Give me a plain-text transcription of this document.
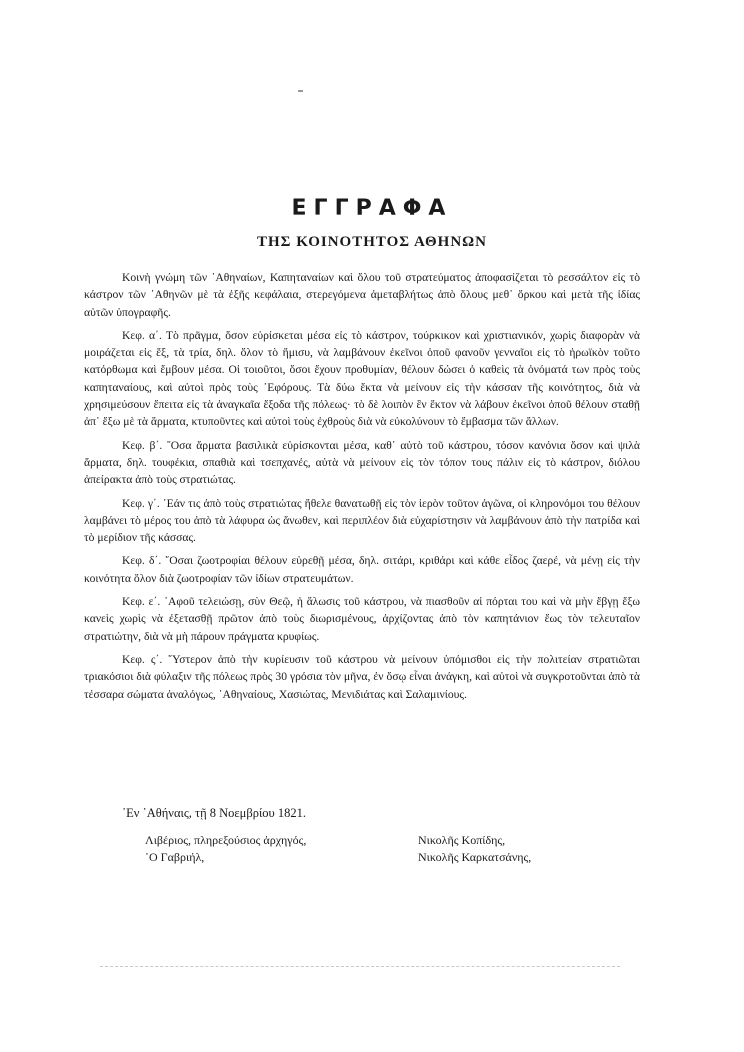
ΕΓΓΡΑΦΑ
ΤΗΣ ΚΟΙΝΟΤΗΤΟΣ ΑΘΗΝΩΝ

Κοινὴ γνώμη τῶν ᾿Αθηναίων, Καπηταναίων καὶ ὅλου τοῦ στρατεύματος ἀποφασίζεται τὸ ρεσσάλτον εἰς τὸ κάστρον τῶν ᾿Αθηνῶν μὲ τὰ ἑξῆς κεφάλαια, στερεγόμενα ἀμεταβλήτως ἀπὸ ὅλους μεθ᾿ ὅρκου καὶ μετὰ τῆς ἰδίας αὐτῶν ὑπογραφῆς.

Κεφ. α΄. Τὸ πρᾶγμα, ὅσον εὑρίσκεται μέσα εἰς τὸ κάστρον, τούρκικον καὶ χριστιανικόν, χωρὶς διαφορὰν νὰ μοιράζεται εἰς ἕξ, τὰ τρία, δηλ. ὅλον τὸ ἥμισυ, νὰ λαμβάνουν ἐκεῖνοι ὁποῦ φανοῦν γενναῖοι εἰς τὸ ἡρωϊκὸν τοῦτο κατόρθωμα καὶ ἔμβουν μέσα. Οἱ τοιοῦτοι, ὅσοι ἔχουν προθυμίαν, θέλουν δώσει ὁ καθεὶς τὰ ὀνόματά των πρὸς τοὺς καπηταναίους, καὶ αὐτοὶ πρὸς τοὺς ᾿Εφόρους. Τὰ δύω ἕκτα νὰ μείνουν εἰς τὴν κάσσαν τῆς κοινότητος, διὰ νὰ χρησιμεύσουν ἔπειτα εἰς τὰ ἀναγκαῖα ἔξοδα τῆς πόλεως· τὸ δὲ λοιπὸν ἓν ἕκτον νὰ λάβουν ἐκεῖνοι ὁποῦ θέλουν σταθῇ ἀπ᾿ ἔξω μὲ τὰ ἅρματα, κτυποῦντες καὶ αὐτοὶ τοὺς ἐχθροὺς διὰ νὰ εὐκολύνουν τὸ ἔμβασμα τῶν ἄλλων.

Κεφ. β΄. ῞Οσα ἅρματα βασιλικὰ εὑρίσκονται μέσα, καθ᾿ αὐτὸ τοῦ κάστρου, τόσον κανόνια ὅσον καὶ ψιλὰ ἅρματα, δηλ. τουφέκια, σπαθιὰ καὶ τσεπχανές, αὐτὰ νὰ μείνουν εἰς τὸν τόπον τους πάλιν εἰς τὸ κάστρον, διόλου ἀπείρακτα ἀπὸ τοὺς στρατιώτας.

Κεφ. γ΄. ᾿Εάν τις ἀπὸ τοὺς στρατιώτας ἤθελε θανατωθῇ εἰς τὸν ἱερὸν τοῦτον ἀγῶνα, οἱ κληρονόμοι του θέλουν λαμβάνει τὸ μέρος του ἀπὸ τὰ λάφυρα ὡς ἄνωθεν, καὶ περιπλέον διὰ εὐχαρίστησιν νὰ λαμβάνουν ἀπὸ τὴν πατρίδα καὶ τὸ μερίδιον τῆς κάσσας.

Κεφ. δ΄. ῞Οσαι ζωοτροφίαι θέλουν εὑρεθῇ μέσα, δηλ. σιτάρι, κριθάρι καὶ κάθε εἶδος ζαερέ, νὰ μένῃ εἰς τὴν κοινότητα ὅλον διὰ ζωοτροφίαν τῶν ἰδίων στρατευμάτων.

Κεφ. ε΄. ᾿Αφοῦ τελειώσῃ, σὺν Θεῷ, ἡ ἅλωσις τοῦ κάστρου, νὰ πιασθοῦν αἱ πόρται του καὶ νὰ μὴν ἔβγῃ ἔξω κανεὶς χωρὶς νὰ ἐξετασθῇ πρῶτον ἀπὸ τοὺς διωρισμένους, ἀρχίζοντας ἀπὸ τὸν καπητάνιον ἕως τὸν τελευταῖον στρατιώτην, διὰ νὰ μὴ πάρουν πράγματα κρυφίως.

Κεφ. ς΄. ῞Υστερον ἀπὸ τὴν κυρίευσιν τοῦ κάστρου νὰ μείνουν ὑπόμισθοι εἰς τὴν πολιτείαν στρατιῶται τριακόσιοι διὰ φύλαξιν τῆς πόλεως πρὸς 30 γρόσια τὸν μῆνα, ἐν ὅσῳ εἶναι ἀνάγκη, καὶ αὐτοὶ νὰ συγκροτοῦνται ἀπὸ τὰ τέσσαρα σώματα ἀναλόγως, ᾿Αθηναίους, Χασιώτας, Μενιδιάτας καὶ Σαλαμινίους.

᾿Εν ᾿Αθήναις, τῇ 8 Νοεμβρίου 1821.
Λιβέριος, πληρεξούσιος ἀρχηγός,
῾Ο Γαβριήλ,
Νικολῆς Κοπίδης,
Νικολῆς Καρκατσάνης,
